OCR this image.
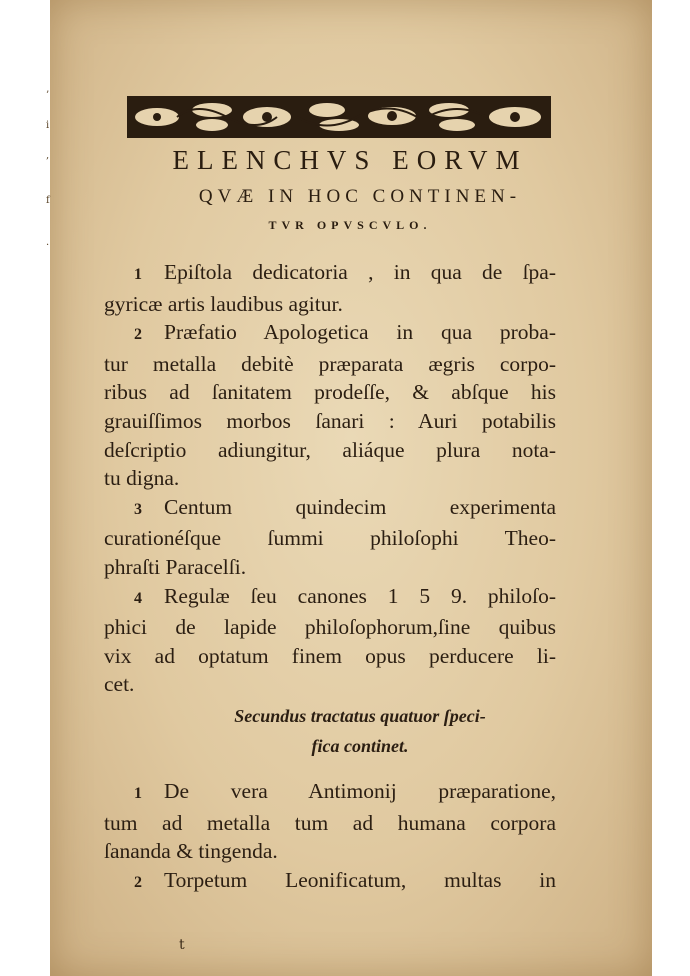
’
i
,
f
·
ELENCHVS EORVM
QVÆ IN HOC CONTINEN-
TVR OPVSCVLO.
1 Epiſtola dedicatoria , in qua de ſpa-
gyricæ artis laudibus agitur.
2 Præfatio Apologetica in qua proba-
tur metalla debitè præparata ægris corpo-
ribus ad ſanitatem prodeſſe, & abſque his
grauiſſimos morbos ſanari : Auri potabilis
deſcriptio adiungitur, aliáque plura nota-
tu digna.
3 Centum quindecim experimenta
curationéſque ſummi philoſophi Theo-
phraſti Paracelſi.
4 Regulæ ſeu canones 1 5 9. philoſo-
phici de lapide philoſophorum,ſine quibus
vix ad optatum finem opus perducere li-
cet.
Secundus tractatus quatuor ſpeci-
fica continet.
1 De vera Antimonij præparatione,
tum ad metalla tum ad humana corpora
ſananda & tingenda.
2 Torpetum Leonificatum, multas in
t
